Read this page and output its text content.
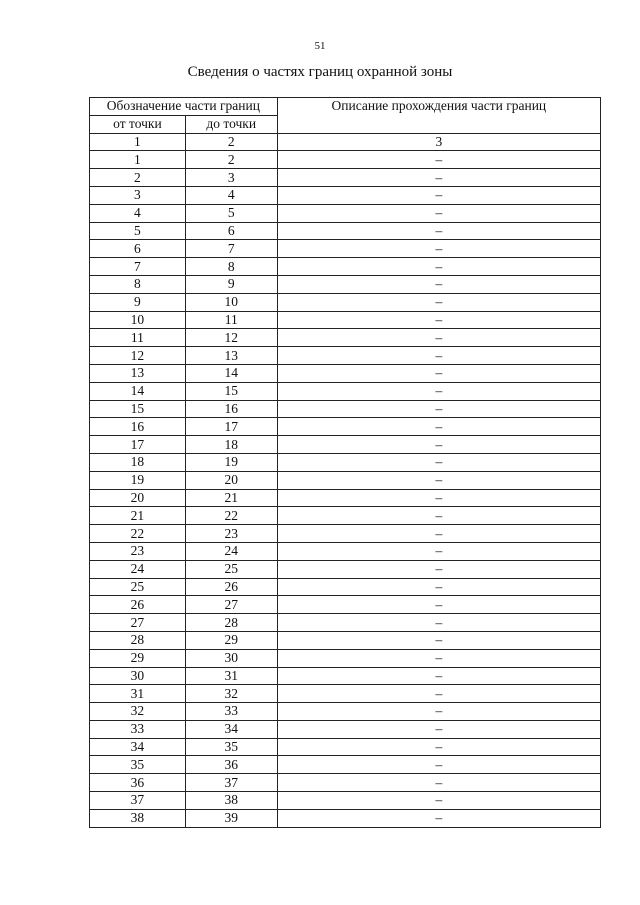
51
Сведения о частях границ охранной зоны
Обозначение части границ		Описание прохождения части границ
от точки	до точки	
1	2	3
1	2	–
2	3	–
3	4	–
4	5	–
5	6	–
6	7	–
7	8	–
8	9	–
9	10	–
10	11	–
11	12	–
12	13	–
13	14	–
14	15	–
15	16	–
16	17	–
17	18	–
18	19	–
19	20	–
20	21	–
21	22	–
22	23	–
23	24	–
24	25	–
25	26	–
26	27	–
27	28	–
28	29	–
29	30	–
30	31	–
31	32	–
32	33	–
33	34	–
34	35	–
35	36	–
36	37	–
37	38	–
38	39	–
